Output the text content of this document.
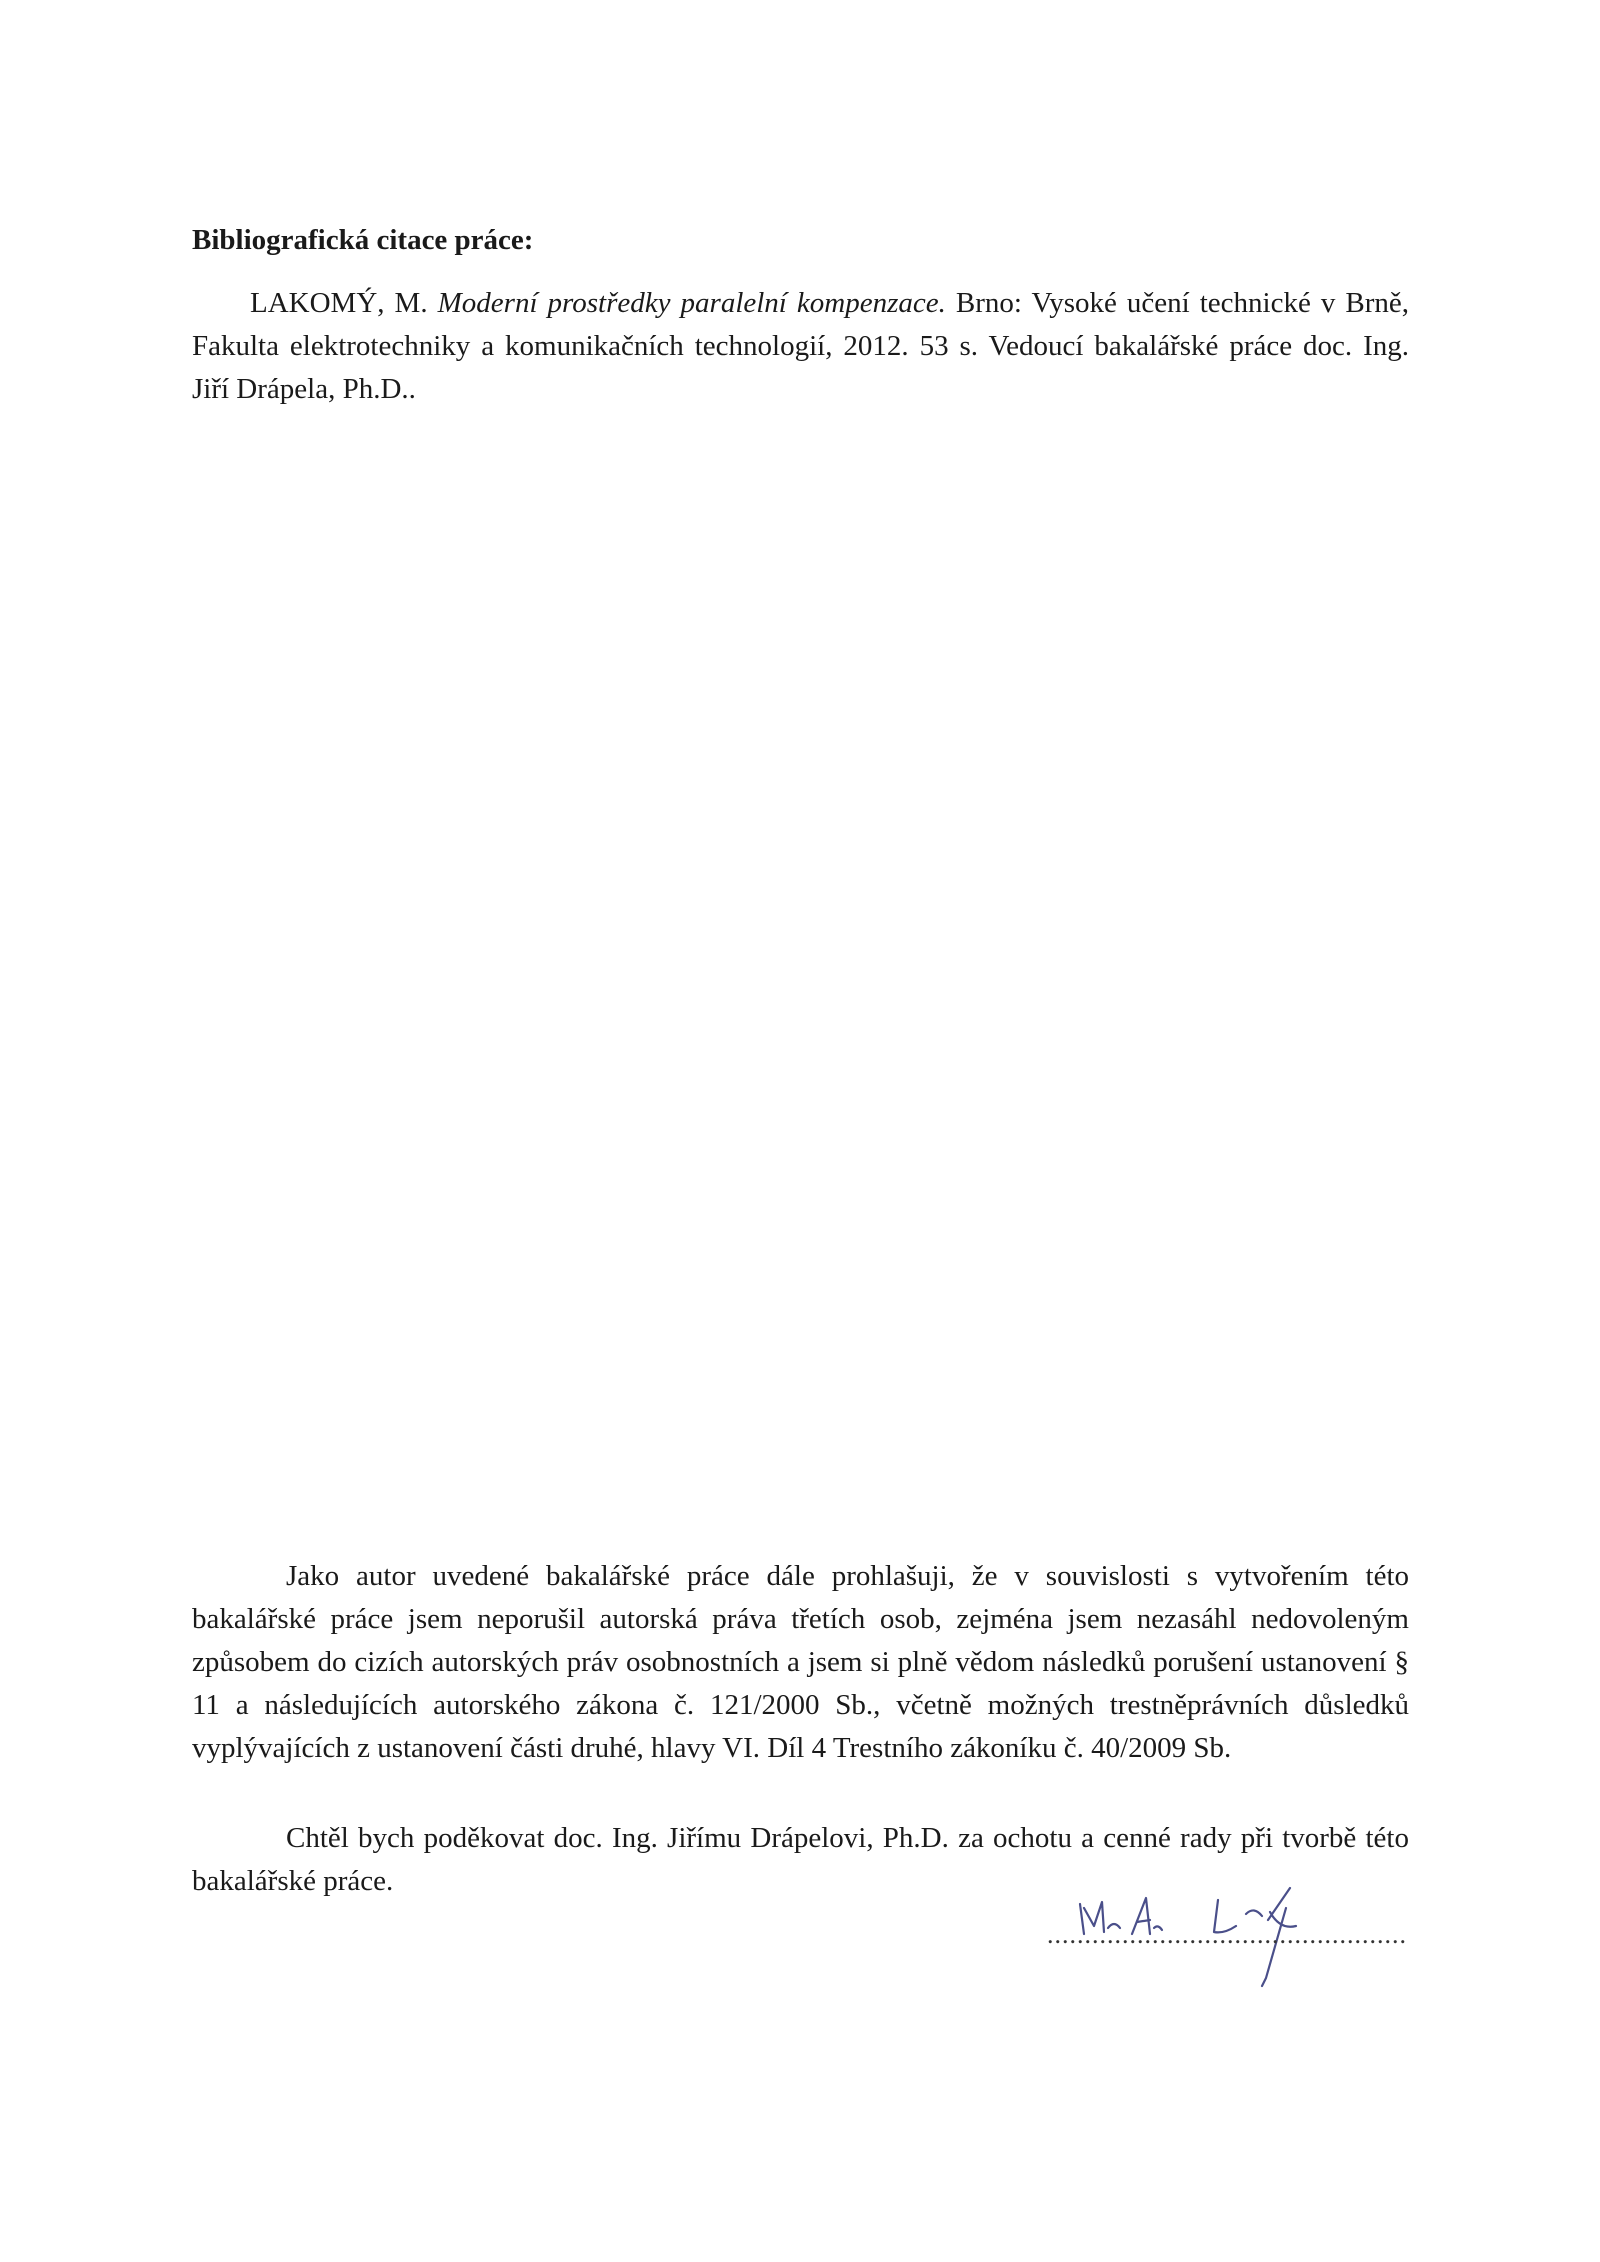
Bibliografická citace práce:

LAKOMÝ, M. Moderní prostředky paralelní kompenzace. Brno: Vysoké učení technické v Brně, Fakulta elektrotechniky a komunikačních technologií, 2012. 53 s. Vedoucí bakalářské práce doc. Ing. Jiří Drápela, Ph.D..

Jako autor uvedené bakalářské práce dále prohlašuji, že v souvislosti s vytvořením této bakalářské práce jsem neporušil autorská práva třetích osob, zejména jsem nezasáhl nedovoleným způsobem do cizích autorských práv osobnostních a jsem si plně vědom následků porušení ustanovení § 11 a následujících autorského zákona č. 121/2000 Sb., včetně možných trestněprávních důsledků vyplývajících z ustanovení části druhé, hlavy VI. Díl 4 Trestního zákoníku č. 40/2009 Sb.

Chtěl bych poděkovat doc. Ing. Jiřímu Drápelovi, Ph.D. za ochotu a cenné rady při tvorbě této bakalářské práce.

................................................
